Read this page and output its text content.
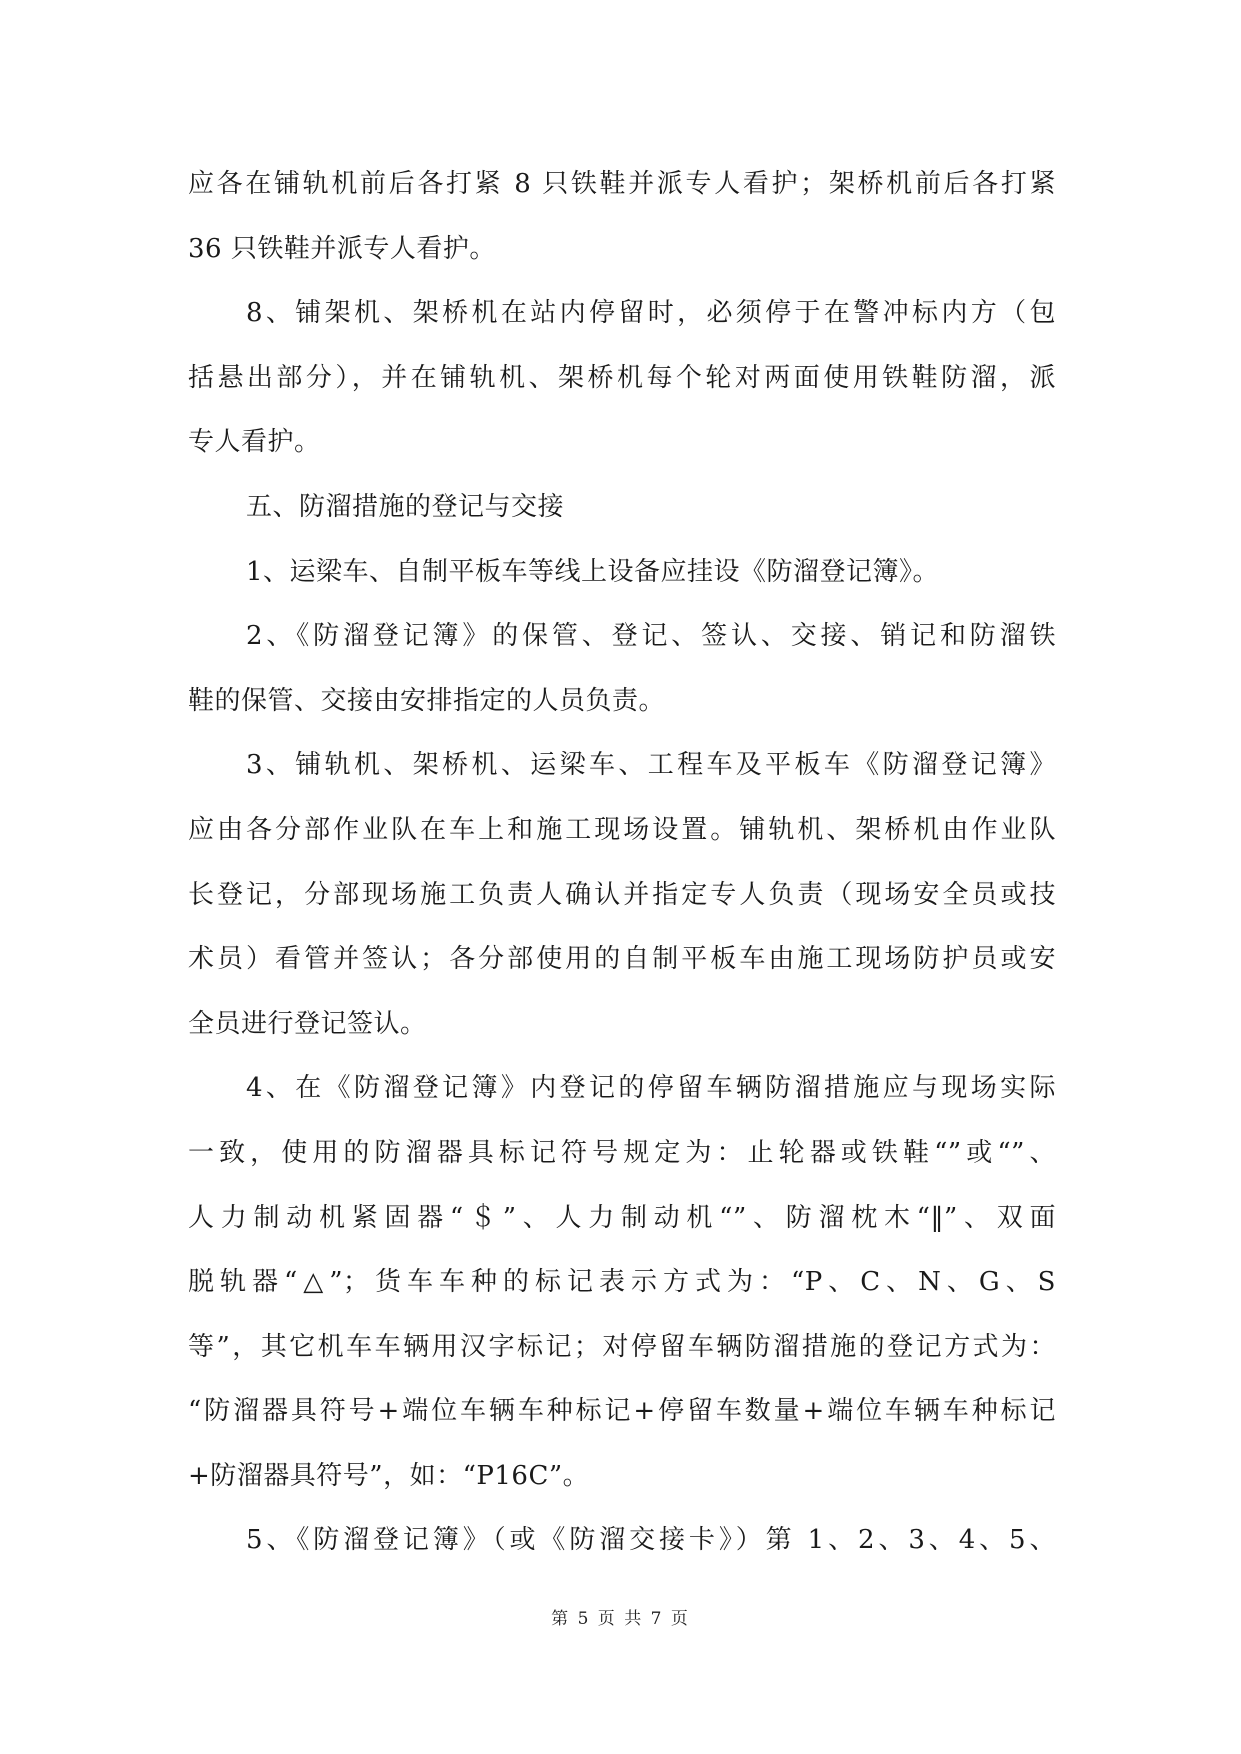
应各在铺轨机前后各打紧 8 只铁鞋并派专人看护；架桥机前后各打紧
36 只铁鞋并派专人看护。
8、铺架机、架桥机在站内停留时，必须停于在警冲标内方（包
括悬出部分），并在铺轨机、架桥机每个轮对两面使用铁鞋防溜，派
专人看护。
五、防溜措施的登记与交接
1、运梁车、自制平板车等线上设备应挂设《防溜登记簿》。
2、《防溜登记簿》的保管、登记、签认、交接、销记和防溜铁
鞋的保管、交接由安排指定的人员负责。
3、铺轨机、架桥机、运梁车、工程车及平板车《防溜登记簿》
应由各分部作业队在车上和施工现场设置。铺轨机、架桥机由作业队
长登记，分部现场施工负责人确认并指定专人负责（现场安全员或技
术员）看管并签认；各分部使用的自制平板车由施工现场防护员或安
全员进行登记签认。
4、在《防溜登记簿》内登记的停留车辆防溜措施应与现场实际
一致，使用的防溜器具标记符号规定为：止轮器或铁鞋“”或“”、
人力制动机紧固器“＄”、人力制动机“”、防溜枕木“‖”、双面
脱轨器“△”；货车车种的标记表示方式为：“P、C、N、G、S
等”，其它机车车辆用汉字标记；对停留车辆防溜措施的登记方式为：
“防溜器具符号+端位车辆车种标记+停留车数量+端位车辆车种标记
+防溜器具符号”，如：“P16C”。
5、《防溜登记簿》（或《防溜交接卡》）第 1、2、3、4、5、
第 5 页 共 7 页
